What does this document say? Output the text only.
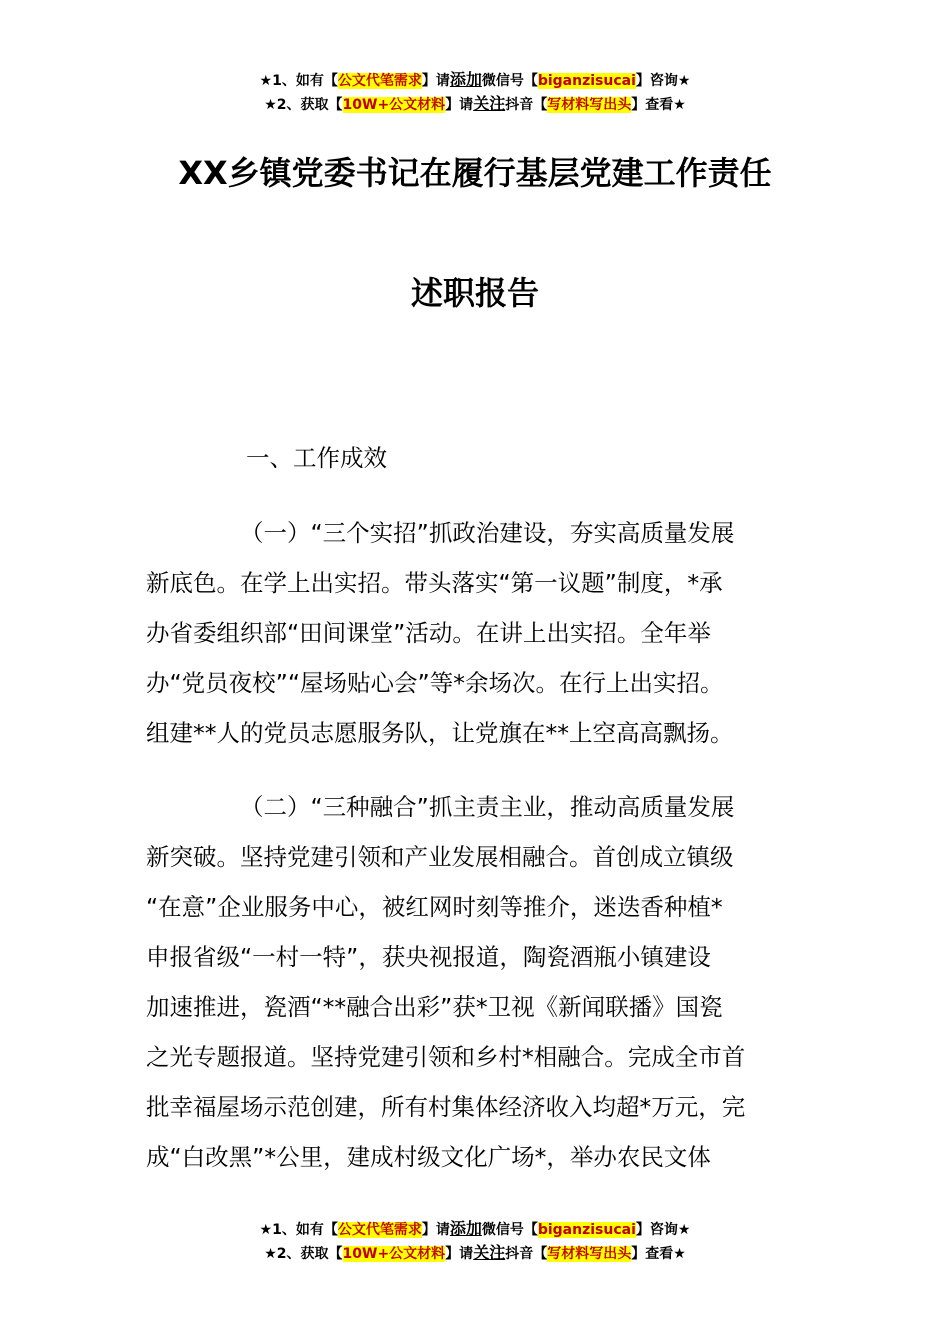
★1、如有【公文代笔需求】请添加微信号【biganzisucai】咨询★
★2、获取【10W+公文材料】请关注抖音【写材料写出头】查看★
XX乡镇党委书记在履行基层党建工作责任
述职报告
一、工作成效

（一）“三个实招”抓政治建设，夯实高质量发展

新底色。在学上出实招。带头落实“第一议题”制度，*承

办省委组织部“田间课堂”活动。在讲上出实招。全年举

办“党员夜校”“屋场贴心会”等*余场次。在行上出实招。

组建**人的党员志愿服务队，让党旗在**上空高高飘扬。

（二）“三种融合”抓主责主业，推动高质量发展

新突破。坚持党建引领和产业发展相融合。首创成立镇级

“在意”企业服务中心，被红网时刻等推介，迷迭香种植*

申报省级“一村一特”，获央视报道，陶瓷酒瓶小镇建设

加速推进，瓷酒“**融合出彩”获*卫视《新闻联播》国瓷

之光专题报道。坚持党建引领和乡村*相融合。完成全市首

批幸福屋场示范创建，所有村集体经济收入均超*万元，完

成“白改黑”*公里，建成村级文化广场*，举办农民文体

★1、如有【公文代笔需求】请添加微信号【biganzisucai】咨询★
★2、获取【10W+公文材料】请关注抖音【写材料写出头】查看★
